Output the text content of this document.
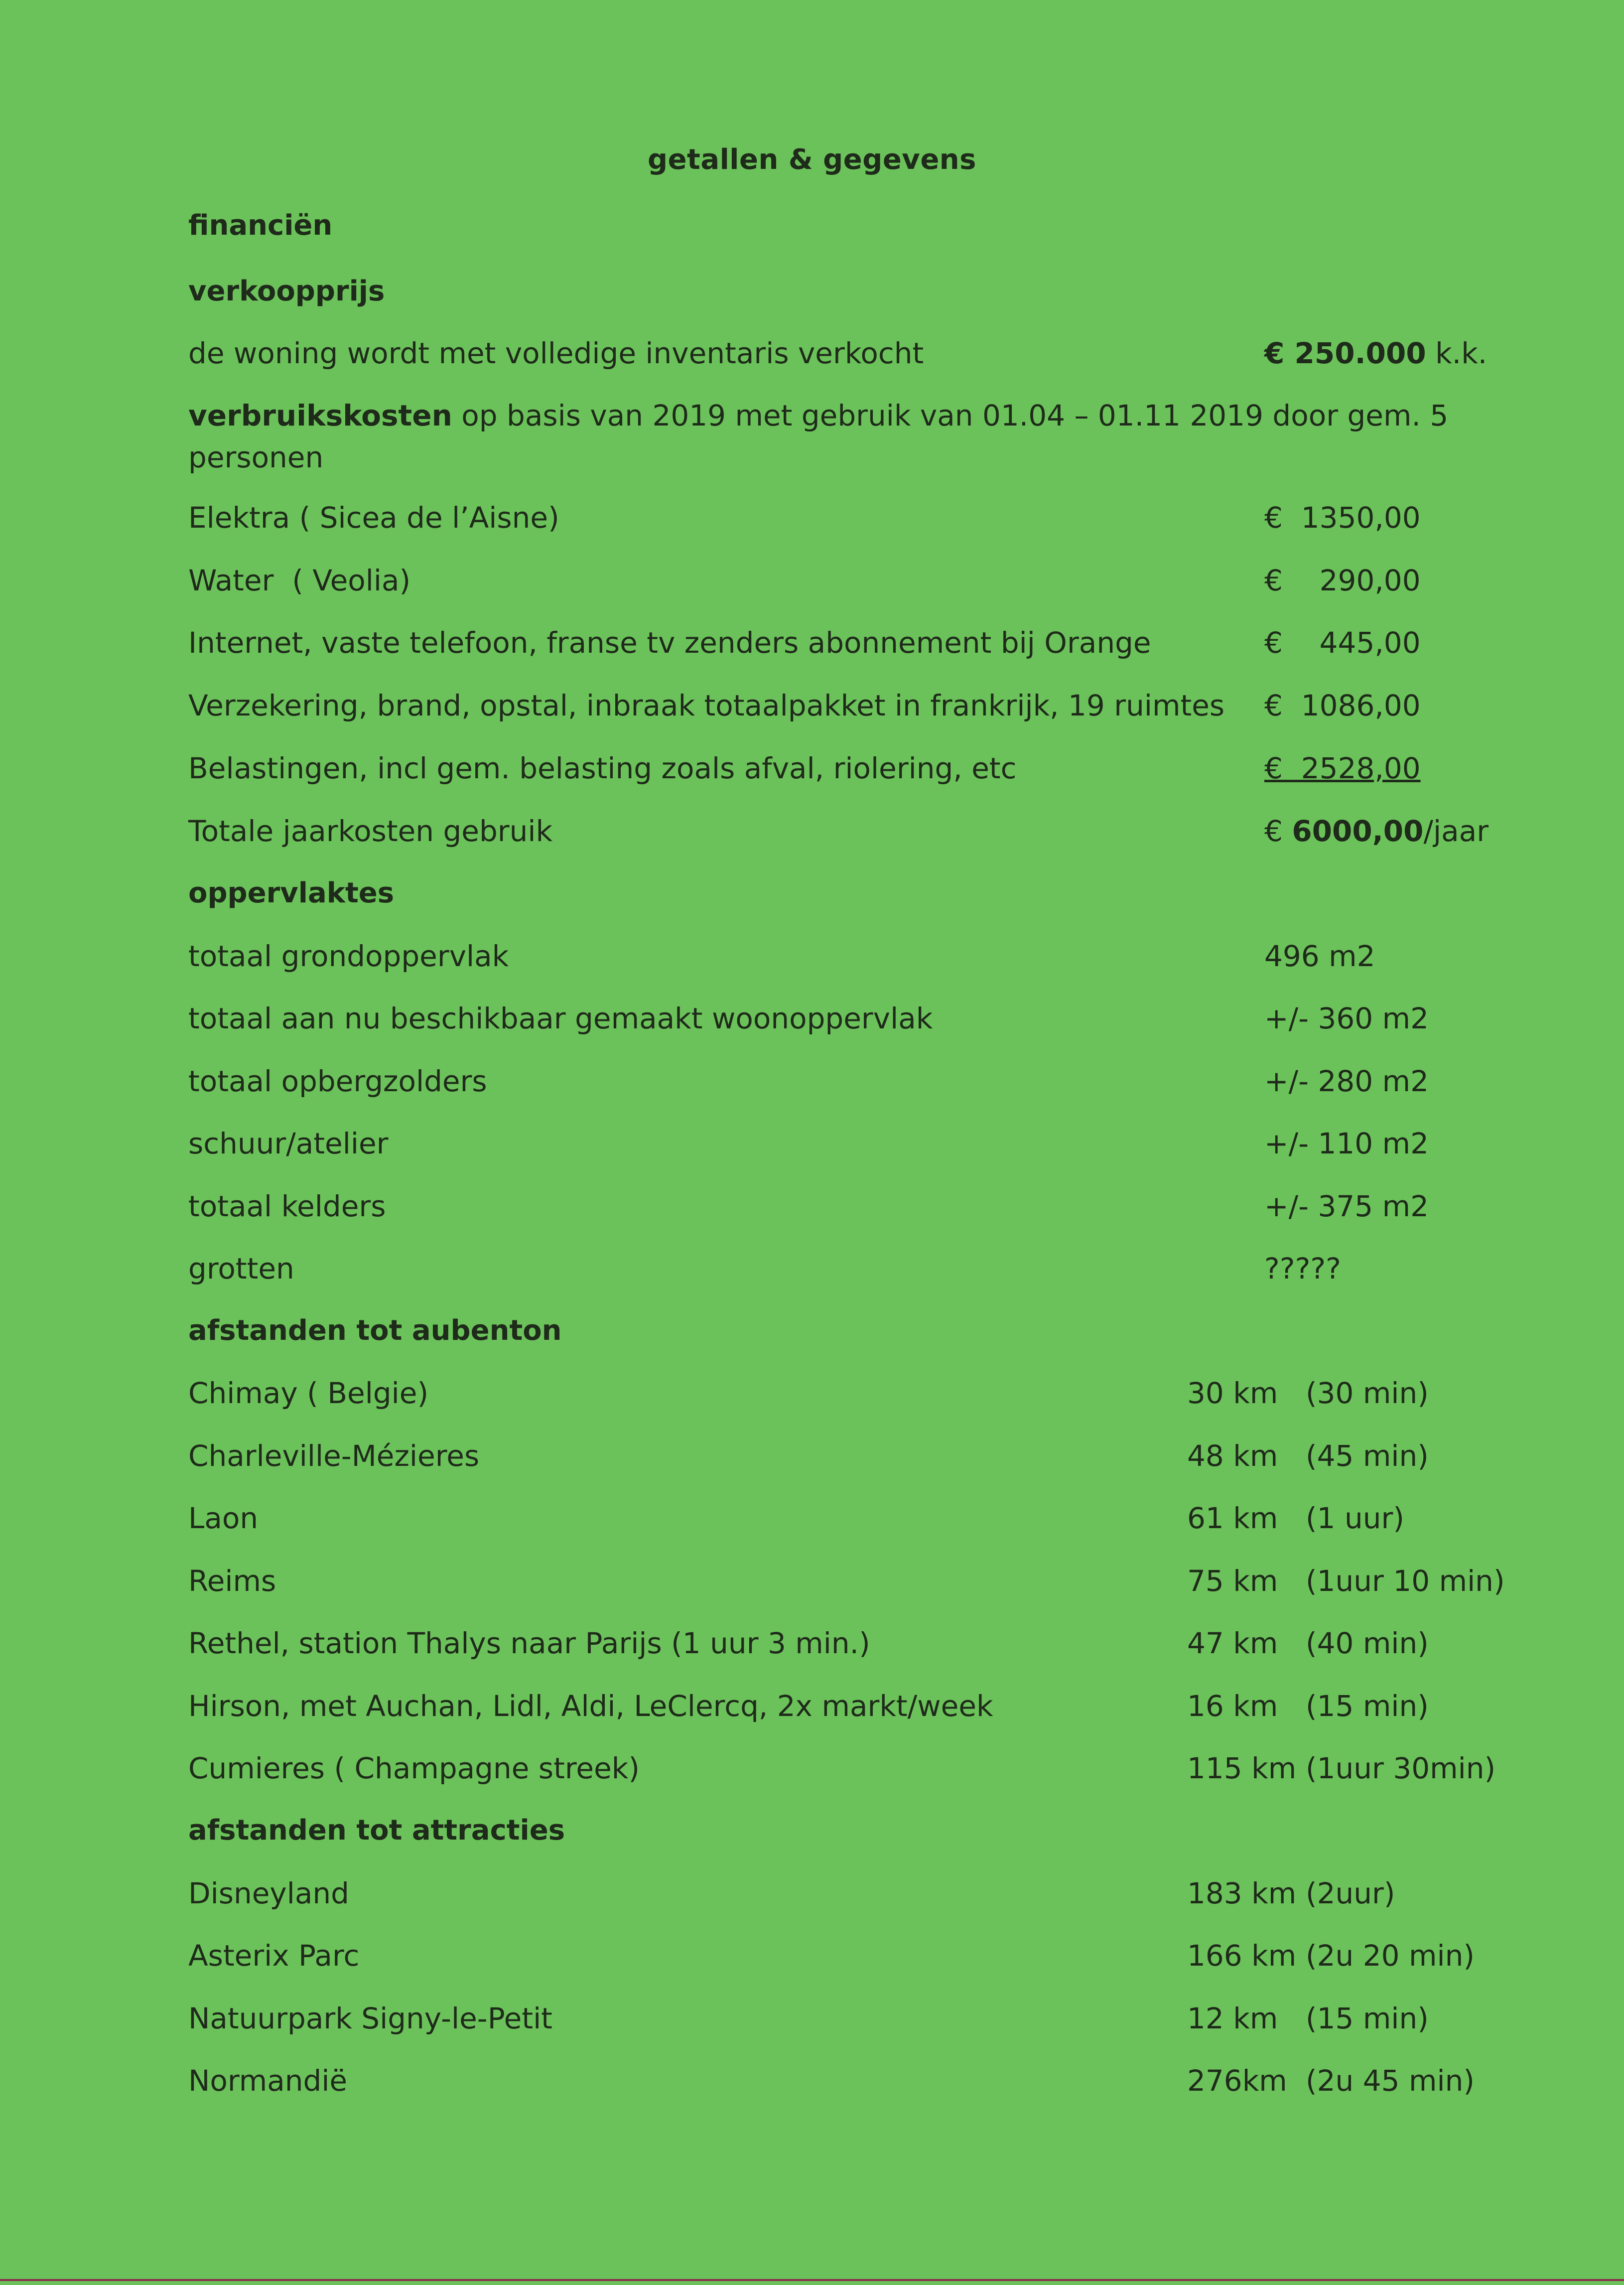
getallen & gegevens
financiën
verkoopprijs
de woning wordt met volledige inventaris verkocht	€ 250.000 k.k.
verbruikskosten op basis van 2019 met gebruik van 01.04 – 01.11 2019 door gem. 5
personen
Elektra ( Sicea de l’Aisne)	€  1350,00
Water  ( Veolia)	€    290,00
Internet, vaste telefoon, franse tv zenders abonnement bij Orange	€    445,00
Verzekering, brand, opstal, inbraak totaalpakket in frankrijk, 19 ruimtes €  1086,00
Belastingen, incl gem. belasting zoals afval, riolering, etc	€  2528,00
Totale jaarkosten gebruik	€ 6000,00/jaar
oppervlaktes
totaal grondoppervlak	496 m2
totaal aan nu beschikbaar gemaakt woonoppervlak	+/- 360 m2
totaal opbergzolders	+/- 280 m2
schuur/atelier	+/- 110 m2
totaal kelders	+/- 375 m2
grotten	?????
afstanden tot aubenton
Chimay ( Belgie)	30 km (30 min)
Charleville-Mézieres	48 km (45 min)
Laon	61 km (1 uur)
Reims	75 km (1uur 10 min)
Rethel, station Thalys naar Parijs (1 uur 3 min.)	47 km (40 min)
Hirson, met Auchan, Lidl, Aldi, LeClercq, 2x markt/week	16 km (15 min)
Cumieres ( Champagne streek)	115 km (1uur 30min)
afstanden tot attracties
Disneyland	183 km (2uur)
Asterix Parc	166 km (2u 20 min)
Natuurpark Signy-le-Petit	12 km (15 min)
Normandië	276km (2u 45 min)
